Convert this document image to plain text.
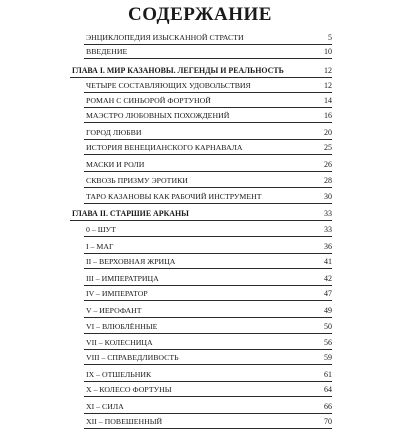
СОДЕРЖАНИЕ
ЭНЦИКЛОПЕДИЯ ИЗЫСКАННОЙ СТРАСТИ	5
ВВЕДЕНИЕ	10
ГЛАВА I. МИР КАЗАНОВЫ. ЛЕГЕНДЫ И РЕАЛЬНОСТЬ	12
ЧЕТЫРЕ СОСТАВЛЯЮЩИХ УДОВОЛЬСТВИЯ	12
РОМАН С СИНЬОРОЙ ФОРТУНОЙ	14
МАЭСТРО ЛЮБОВНЫХ ПОХОЖДЕНИЙ	16
ГОРОД ЛЮБВИ	20
ИСТОРИЯ ВЕНЕЦИАНСКОГО КАРНАВАЛА	25
МАСКИ И РОЛИ	26
СКВОЗЬ ПРИЗМУ ЭРОТИКИ	28
ТАРО КАЗАНОВЫ КАК РАБОЧИЙ ИНСТРУМЕНТ	30
ГЛАВА II. СТАРШИЕ АРКАНЫ	33
0 – ШУТ	33
I – МАГ	36
II – ВЕРХОВНАЯ ЖРИЦА	41
III – ИМПЕРАТРИЦА	42
IV – ИМПЕРАТОР	47
V – ИЕРОФАНТ	49
VI – ВЛЮБЛЁННЫЕ	50
VII – КОЛЕСНИЦА	56
VIII – СПРАВЕДЛИВОСТЬ	59
IX – ОТШЕЛЬНИК	61
X – КОЛЕСО ФОРТУНЫ	64
XI – СИЛА	66
XII – ПОВЕШЕННЫЙ	70
